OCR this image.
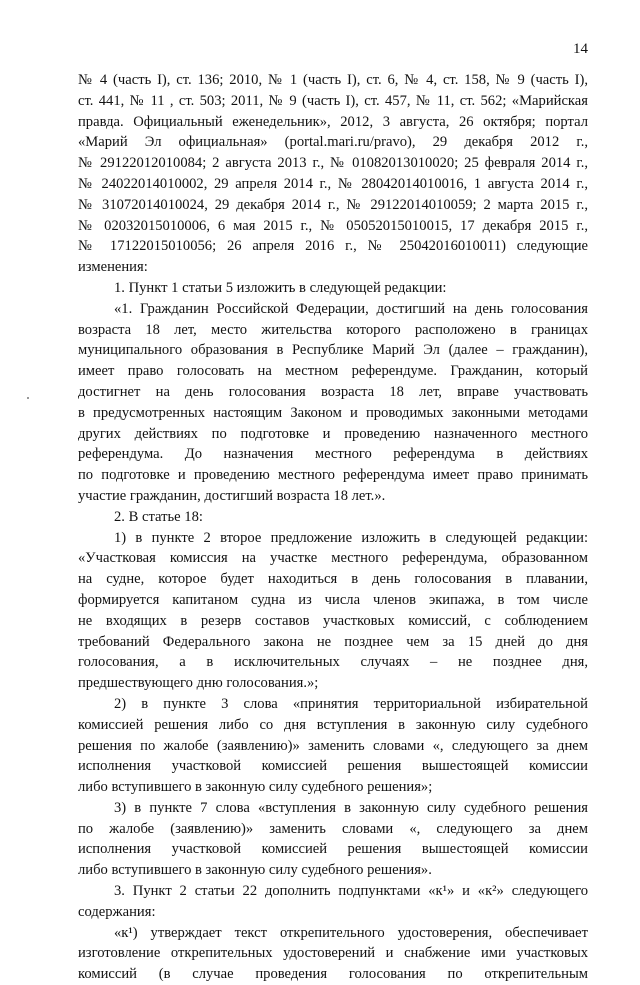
14

№ 4 (часть I), ст. 136; 2010, № 1 (часть I), ст. 6, № 4, ст. 158, № 9 (часть I),

ст. 441, № 11 , ст. 503; 2011, № 9 (часть I), ст. 457, № 11, ст. 562; «Марийская

правда. Официальный еженедельник», 2012, 3 августа, 26 октября; портал

«Марий Эл официальная» (portal.mari.ru/pravo), 29 декабря 2012 г.,

№ 29122012010084; 2 августа 2013 г., № 01082013010020; 25 февраля 2014 г.,

№ 24022014010002, 29 апреля 2014 г., № 28042014010016, 1 августа 2014 г.,

№ 31072014010024, 29 декабря 2014 г., № 29122014010059; 2 марта 2015 г.,

№ 02032015010006, 6 мая 2015 г., № 05052015010015, 17 декабря 2015 г.,

№ 17122015010056; 26 апреля 2016 г., № 25042016010011) следующие

изменения:

1. Пункт 1 статьи 5 изложить в следующей редакции:

«1. Гражданин Российской Федерации, достигший на день голосования

возраста 18 лет, место жительства которого расположено в границах

муниципального образования в Республике Марий Эл (далее – гражданин),

имеет право голосовать на местном референдуме. Гражданин, который

достигнет на день голосования возраста 18 лет, вправе участвовать

в предусмотренных настоящим Законом и проводимых законными методами

других действиях по подготовке и проведению назначенного местного

референдума. До назначения местного референдума в действиях

по подготовке и проведению местного референдума имеет право принимать

участие гражданин, достигший возраста 18 лет.».

2. В статье 18:

1) в пункте 2 второе предложение изложить в следующей редакции:

«Участковая комиссия на участке местного референдума, образованном

на судне, которое будет находиться в день голосования в плавании,

формируется капитаном судна из числа членов экипажа, в том числе

не входящих в резерв составов участковых комиссий, с соблюдением

требований Федерального закона не позднее чем за 15 дней до дня

голосования, а в исключительных случаях – не позднее дня,

предшествующего дню голосования.»;

2) в пункте 3 слова «принятия территориальной избирательной

комиссией решения либо со дня вступления в законную силу судебного

решения по жалобе (заявлению)» заменить словами «, следующего за днем

исполнения участковой комиссией решения вышестоящей комиссии

либо вступившего в законную силу судебного решения»;

3) в пункте 7 слова «вступления в законную силу судебного решения

по жалобе (заявлению)» заменить словами «, следующего за днем

исполнения участковой комиссией решения вышестоящей комиссии

либо вступившего в законную силу судебного решения».

3. Пункт 2 статьи 22 дополнить подпунктами «к¹» и «к²» следующего

содержания:

«к¹) утверждает текст открепительного удостоверения, обеспечивает

изготовление открепительных удостоверений и снабжение ими участковых

комиссий (в случае проведения голосования по открепительным
